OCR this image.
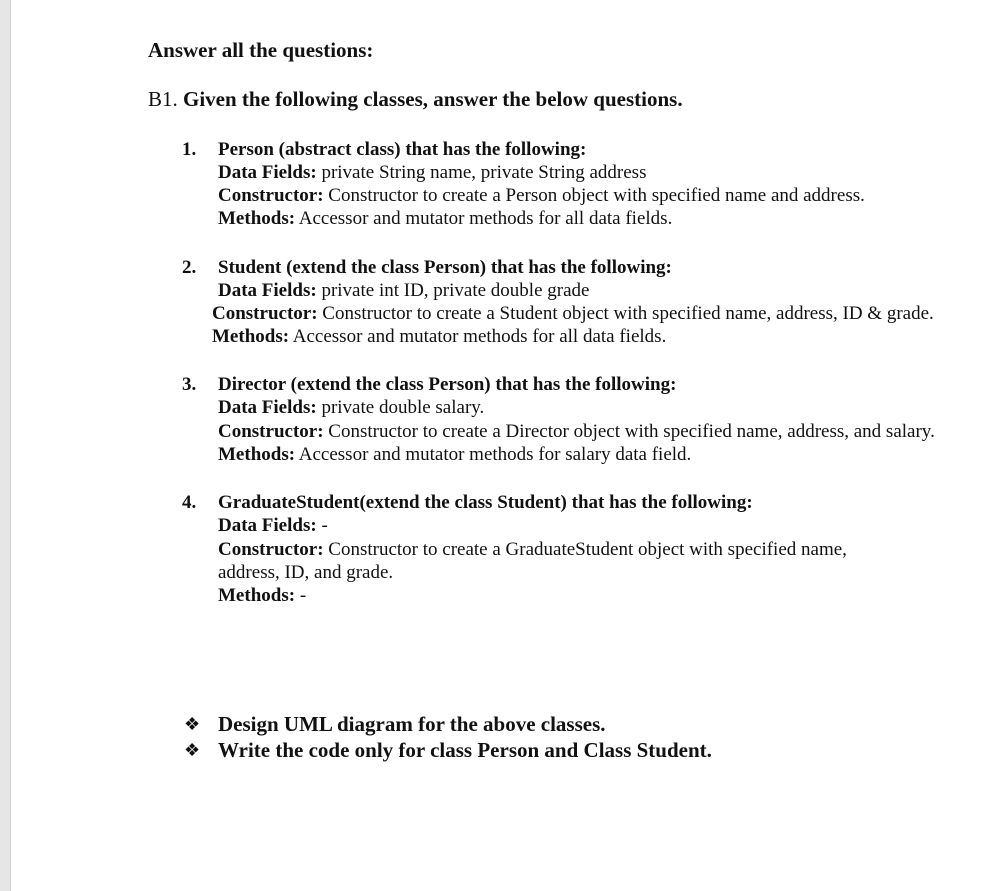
Answer all the questions:
B1. Given the following classes, answer the below questions.
1. Person (abstract class) that has the following:
Data Fields: private String name, private String address
Constructor: Constructor to create a Person object with specified name and address.
Methods: Accessor and mutator methods for all data fields.
2. Student (extend the class Person) that has the following:
Data Fields: private int ID, private double grade
Constructor: Constructor to create a Student object with specified name, address, ID & grade.
Methods: Accessor and mutator methods for all data fields.
3. Director (extend the class Person) that has the following:
Data Fields: private double salary.
Constructor: Constructor to create a Director object with specified name, address, and salary.
Methods: Accessor and mutator methods for salary data field.
4. GraduateStudent(extend the class Student) that has the following:
Data Fields: -
Constructor: Constructor to create a GraduateStudent object with specified name,
address, ID, and grade.
Methods: -
❖ Design UML diagram for the above classes.
❖ Write the code only for class Person and Class Student.
